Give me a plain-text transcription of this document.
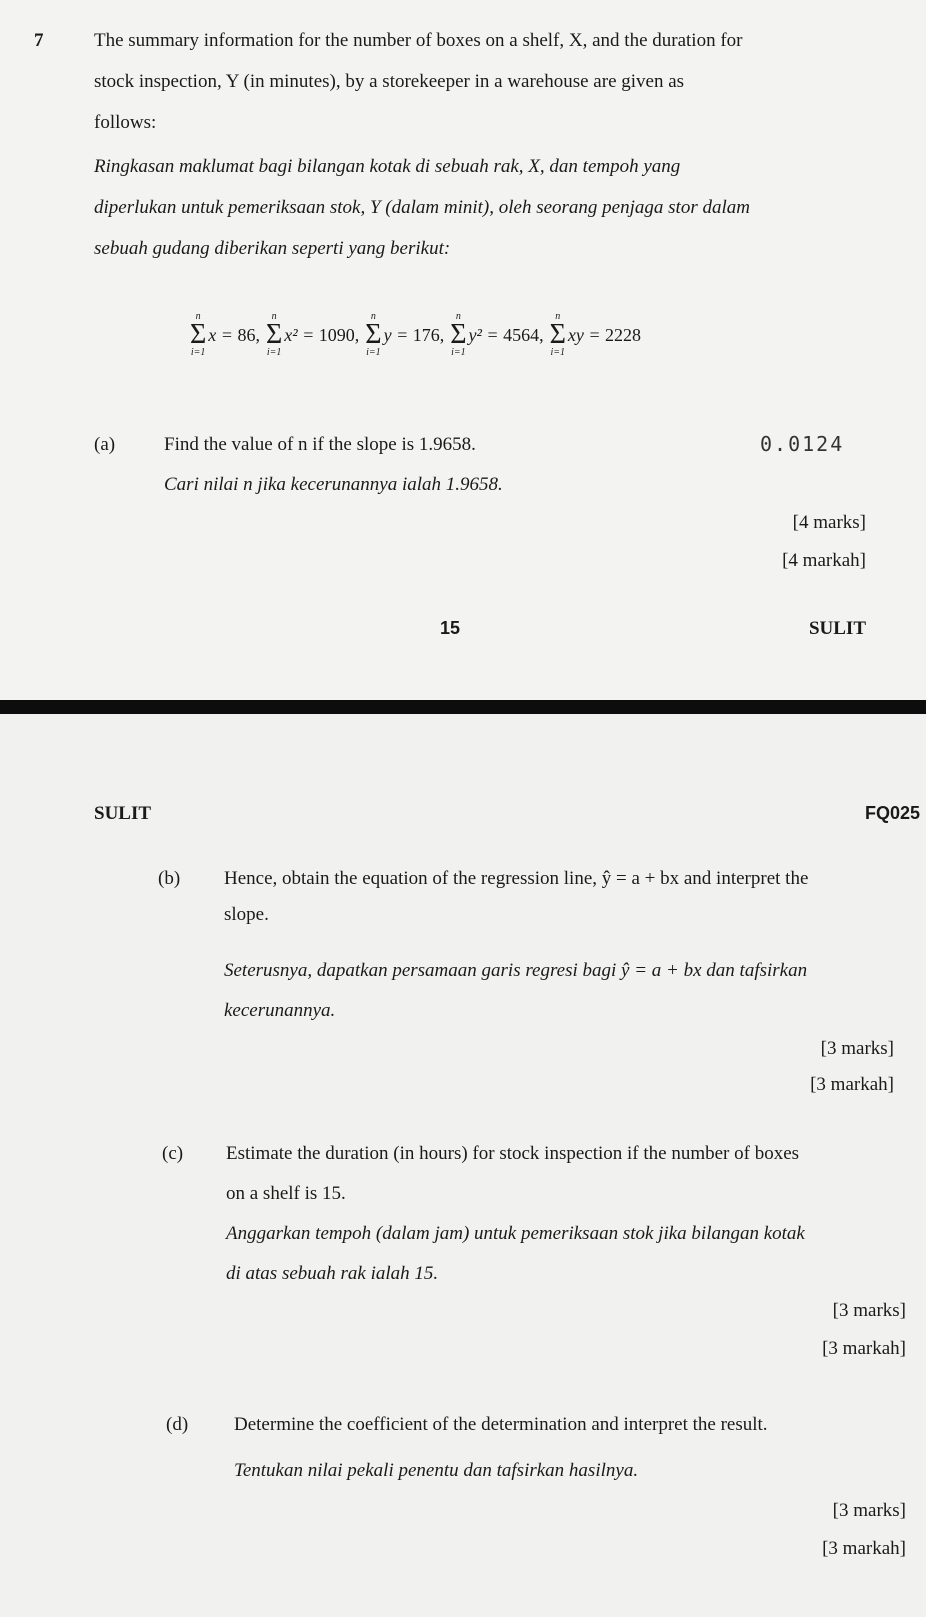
7	The summary information for the number of boxes on a shelf, X, and the duration for
stock inspection, Y (in minutes), by a storekeeper in a warehouse are given as
follows:
Ringkasan maklumat bagi bilangan kotak di sebuah rak, X, dan tempoh yang
diperlukan untuk pemeriksaan stok, Y (dalam minit), oleh seorang penjaga stor dalam
sebuah gudang diberikan seperti yang berikut:
n
Σ
i=1
x = 86,
n
Σ
i=1
x² = 1090,
n
Σ
i=1
y = 176,
n
Σ
i=1
y² = 4564,
n
Σ
i=1
xy = 2228
(a)	Find the value of n if the slope is 1.9658.	0.0124
Cari nilai n jika kecerunannya ialah 1.9658.
[4 marks]
[4 markah]
15	SULIT
SULIT	FQ025
(b) Hence, obtain the equation of the regression line, ŷ = a + bx and interpret the
slope.
Seterusnya, dapatkan persamaan garis regresi bagi ŷ = a + bx dan tafsirkan
kecerunannya.
[3 marks]
[3 markah]
(c) Estimate the duration (in hours) for stock inspection if the number of boxes
on a shelf is 15.
Anggarkan tempoh (dalam jam) untuk pemeriksaan stok jika bilangan kotak
di atas sebuah rak ialah 15.
[3 marks]
[3 markah]
(d) Determine the coefficient of the determination and interpret the result.
Tentukan nilai pekali penentu dan tafsirkan hasilnya.
[3 marks]
[3 markah]
